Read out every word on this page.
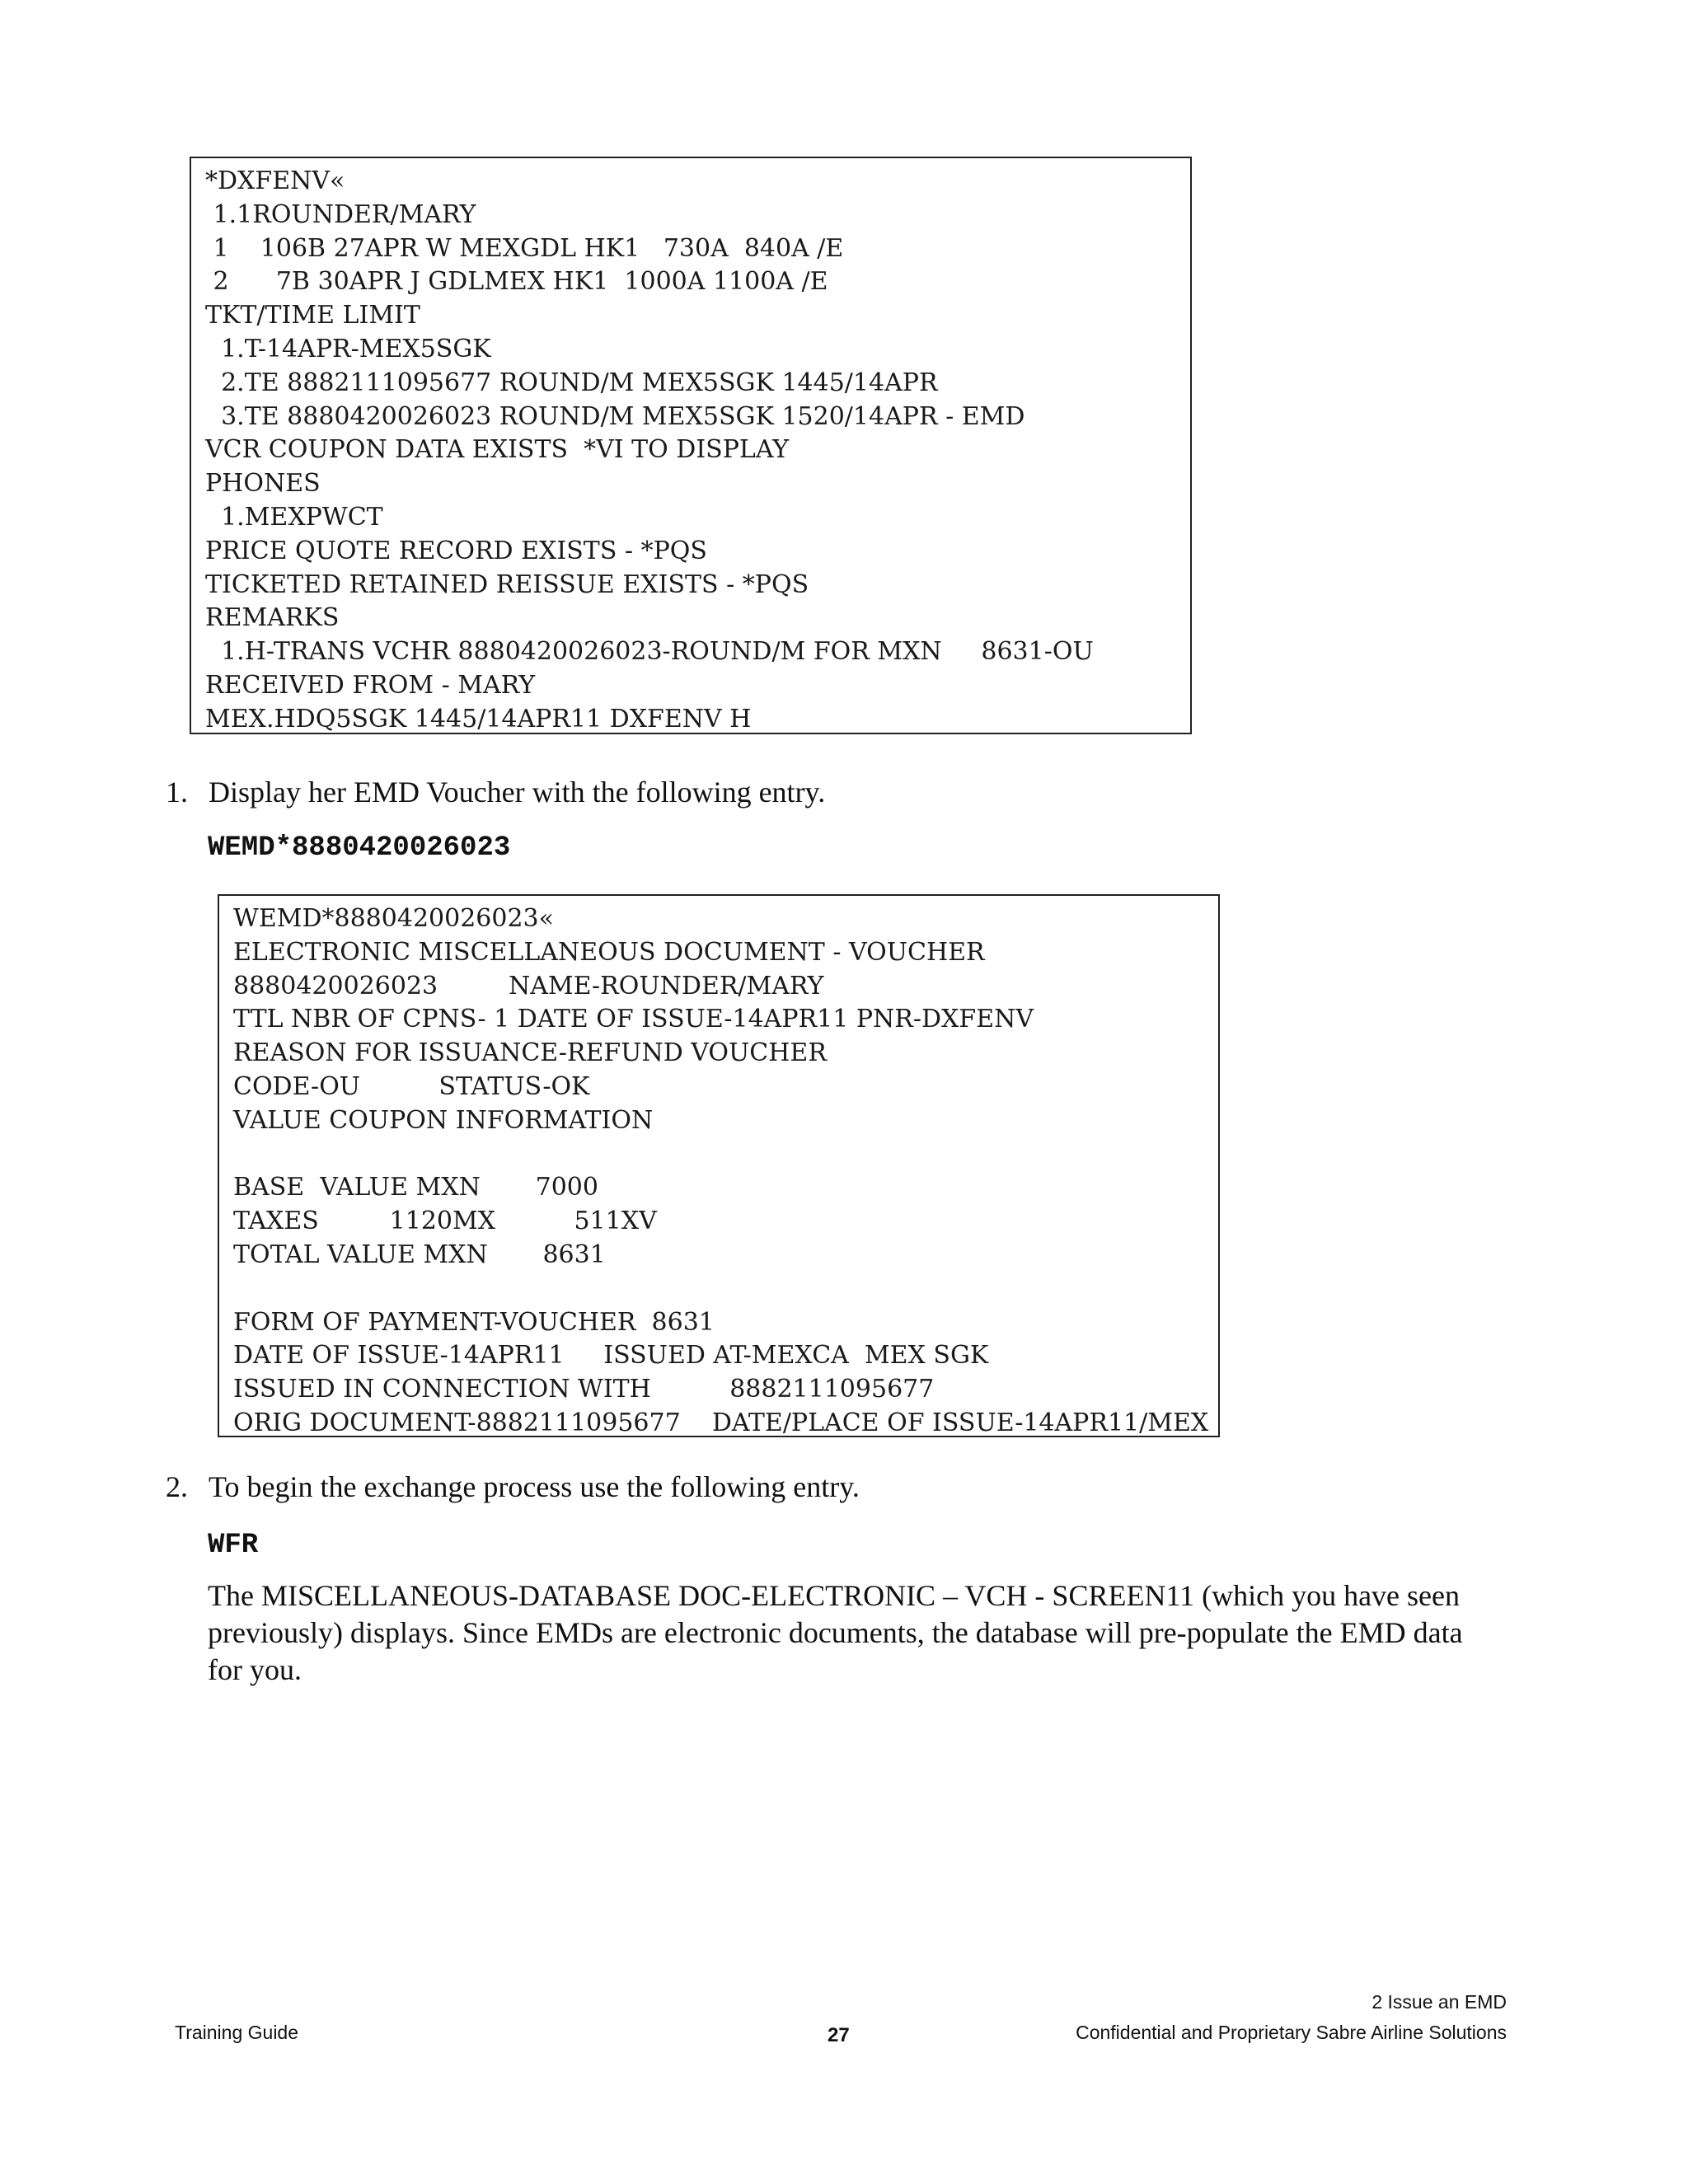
*DXFENV«
1.1ROUNDER/MARY
1    106B 27APR W MEXGDL HK1   730A  840A /E
2      7B 30APR J GDLMEX HK1  1000A 1100A /E
TKT/TIME LIMIT
1.T-14APR-MEX5SGK
2.TE 8882111095677 ROUND/M MEX5SGK 1445/14APR
3.TE 8880420026023 ROUND/M MEX5SGK 1520/14APR - EMD
VCR COUPON DATA EXISTS  *VI TO DISPLAY
PHONES
1.MEXPWCT
PRICE QUOTE RECORD EXISTS - *PQS
TICKETED RETAINED REISSUE EXISTS - *PQS
REMARKS
1.H-TRANS VCHR 8880420026023-ROUND/M FOR MXN     8631-OU
RECEIVED FROM - MARY
MEX.HDQ5SGK 1445/14APR11 DXFENV H
1. Display her EMD Voucher with the following entry.
WEMD*8880420026023
WEMD*8880420026023«
ELECTRONIC MISCELLANEOUS DOCUMENT - VOUCHER
8880420026023         NAME-ROUNDER/MARY
TTL NBR OF CPNS- 1 DATE OF ISSUE-14APR11 PNR-DXFENV
REASON FOR ISSUANCE-REFUND VOUCHER
CODE-OU          STATUS-OK
VALUE COUPON INFORMATION
BASE  VALUE MXN       7000
TAXES         1120MX          511XV
TOTAL VALUE MXN       8631
FORM OF PAYMENT-VOUCHER  8631
DATE OF ISSUE-14APR11     ISSUED AT-MEXCA  MEX SGK
ISSUED IN CONNECTION WITH          8882111095677
ORIG DOCUMENT-8882111095677    DATE/PLACE OF ISSUE-14APR11/MEX
2. To begin the exchange process use the following entry.
WFR
The MISCELLANEOUS-DATABASE DOC-ELECTRONIC – VCH - SCREEN11 (which you have seen
previously) displays. Since EMDs are electronic documents, the database will pre-populate the EMD data
for you.
2 Issue an EMD
Training Guide	27	Confidential and Proprietary Sabre Airline Solutions
